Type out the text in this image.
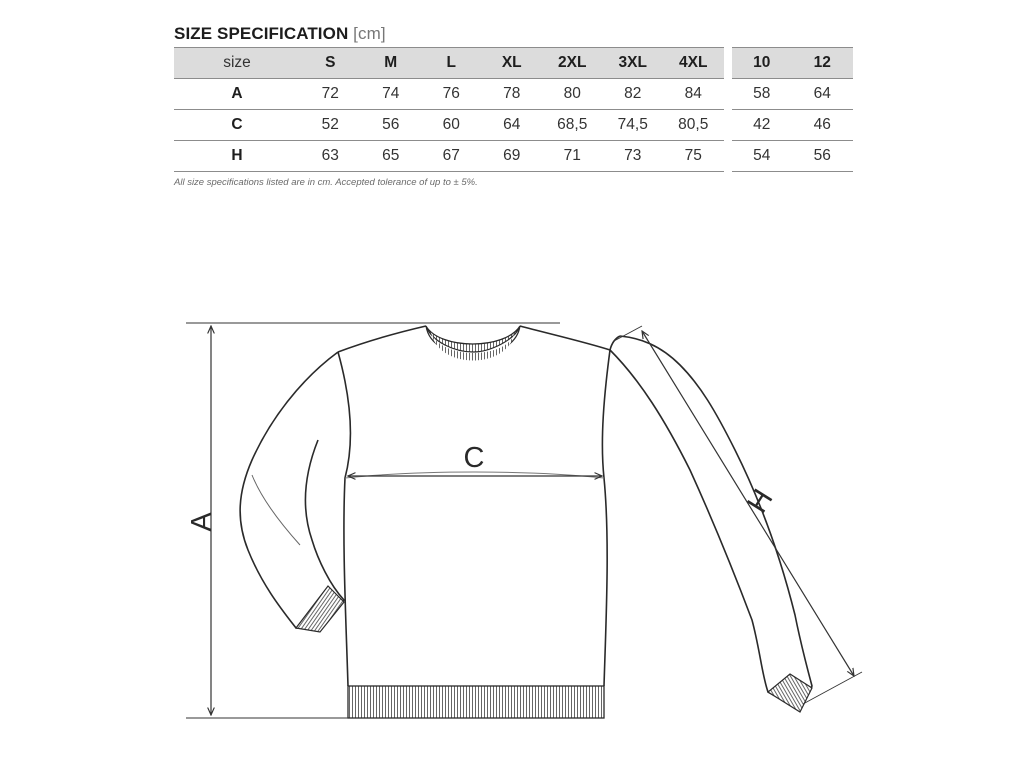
SIZE SPECIFICATION [cm]
size	S	M	L	XL	2XL	3XL	4XL		10	12
A	72	74	76	78	80	82	84		58	64
C	52	56	60	64	68,5	74,5	80,5		42	46
H	63	65	67	69	71	73	75		54	56
All size specifications listed are in cm. Accepted tolerance of up to ± 5%.
A
C
H
